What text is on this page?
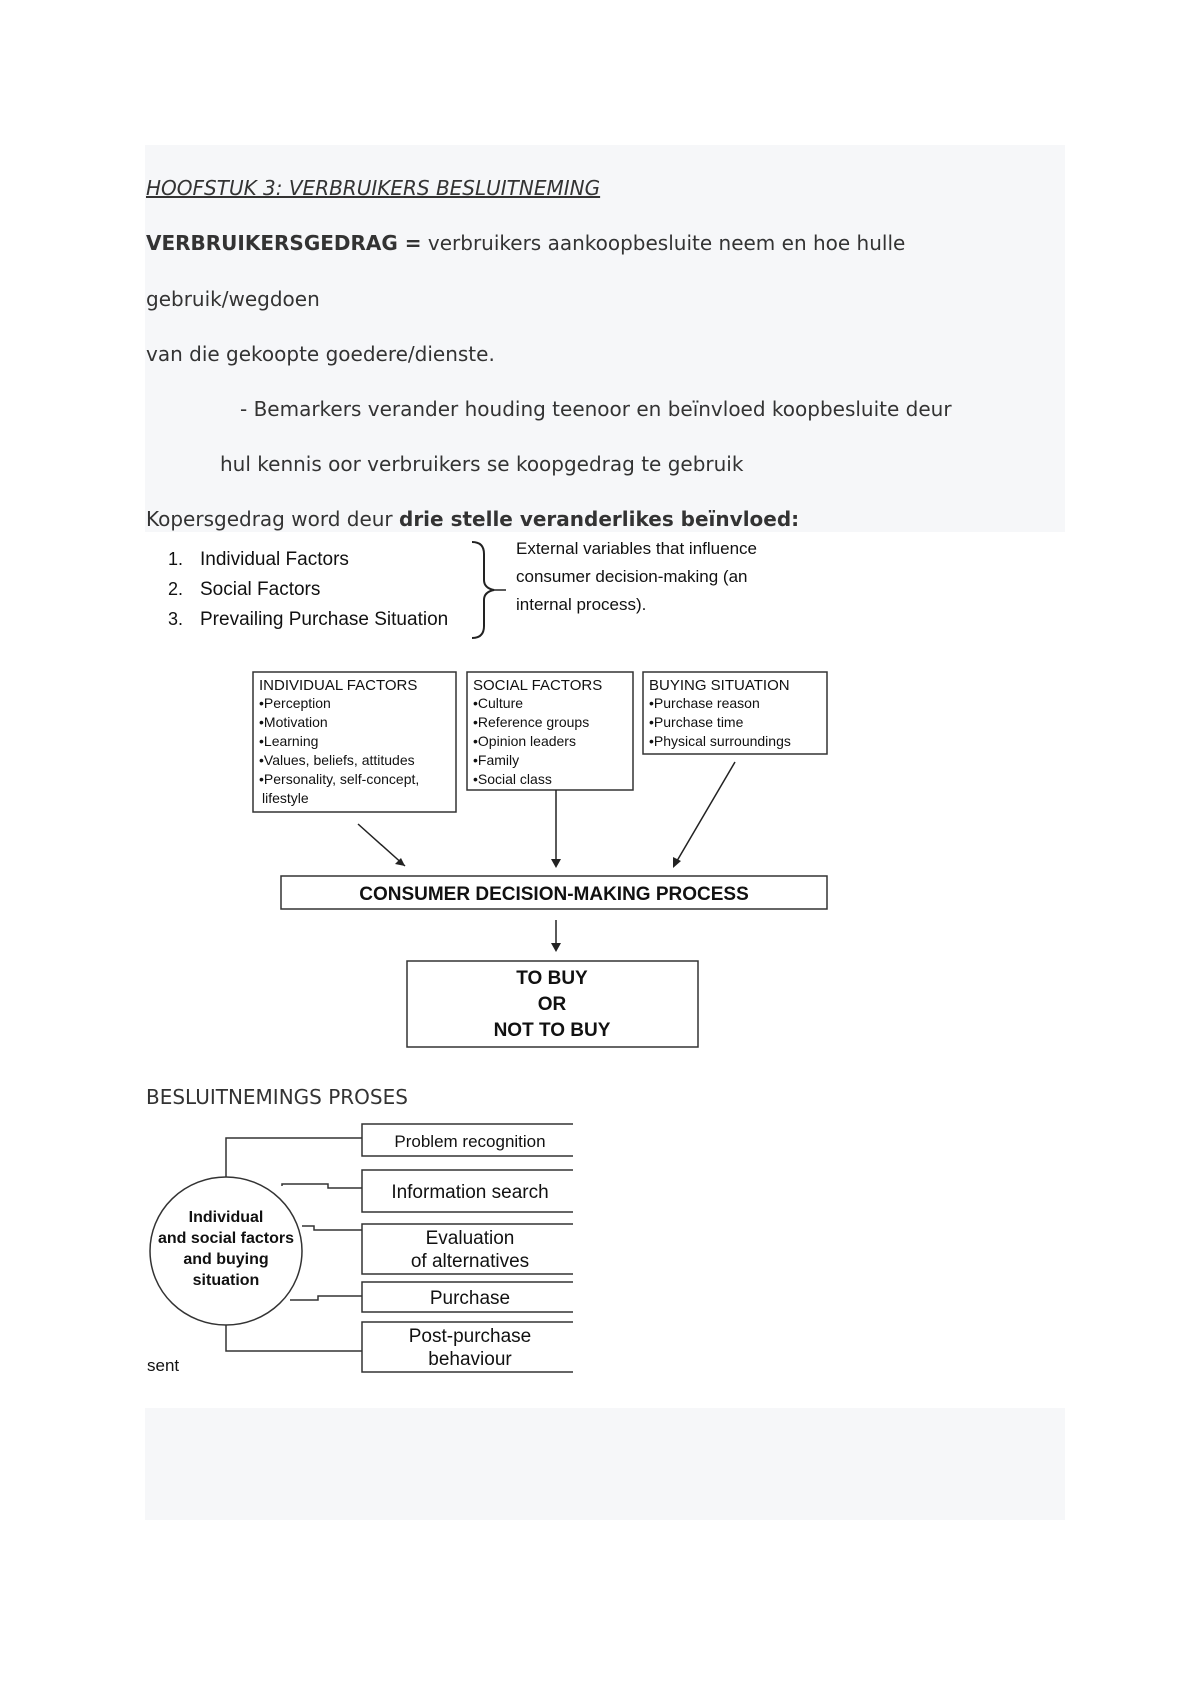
HOOFSTUK 3: VERBRUIKERS BESLUITNEMING
VERBRUIKERSGEDRAG = verbruikers aankoopbesluite neem en hoe hulle
gebruik/wegdoen
van die gekoopte goedere/dienste.
- Bemarkers verander houding teenoor en beïnvloed koopbesluite deur
hul kennis oor verbruikers se koopgedrag te gebruik
Kopersgedrag word deur drie stelle veranderlikes beïnvloed:
1. Individual Factors
2. Social Factors
3. Prevailing Purchase Situation
External variables that influence
consumer decision-making (an
internal process).
INDIVIDUAL FACTORS
•Perception
•Motivation
•Learning
•Values, beliefs, attitudes
•Personality, self-concept,
lifestyle
SOCIAL FACTORS
•Culture
•Reference groups
•Opinion leaders
•Family
•Social class
BUYING SITUATION
•Purchase reason
•Purchase time
•Physical surroundings
CONSUMER DECISION-MAKING PROCESS
TO BUY
OR
NOT TO BUY
BESLUITNEMINGS PROSES
Individual
and social factors
and buying
situation
Problem recognition
Information search
Evaluation
of alternatives
Purchase
Post-purchase
behaviour
sent
